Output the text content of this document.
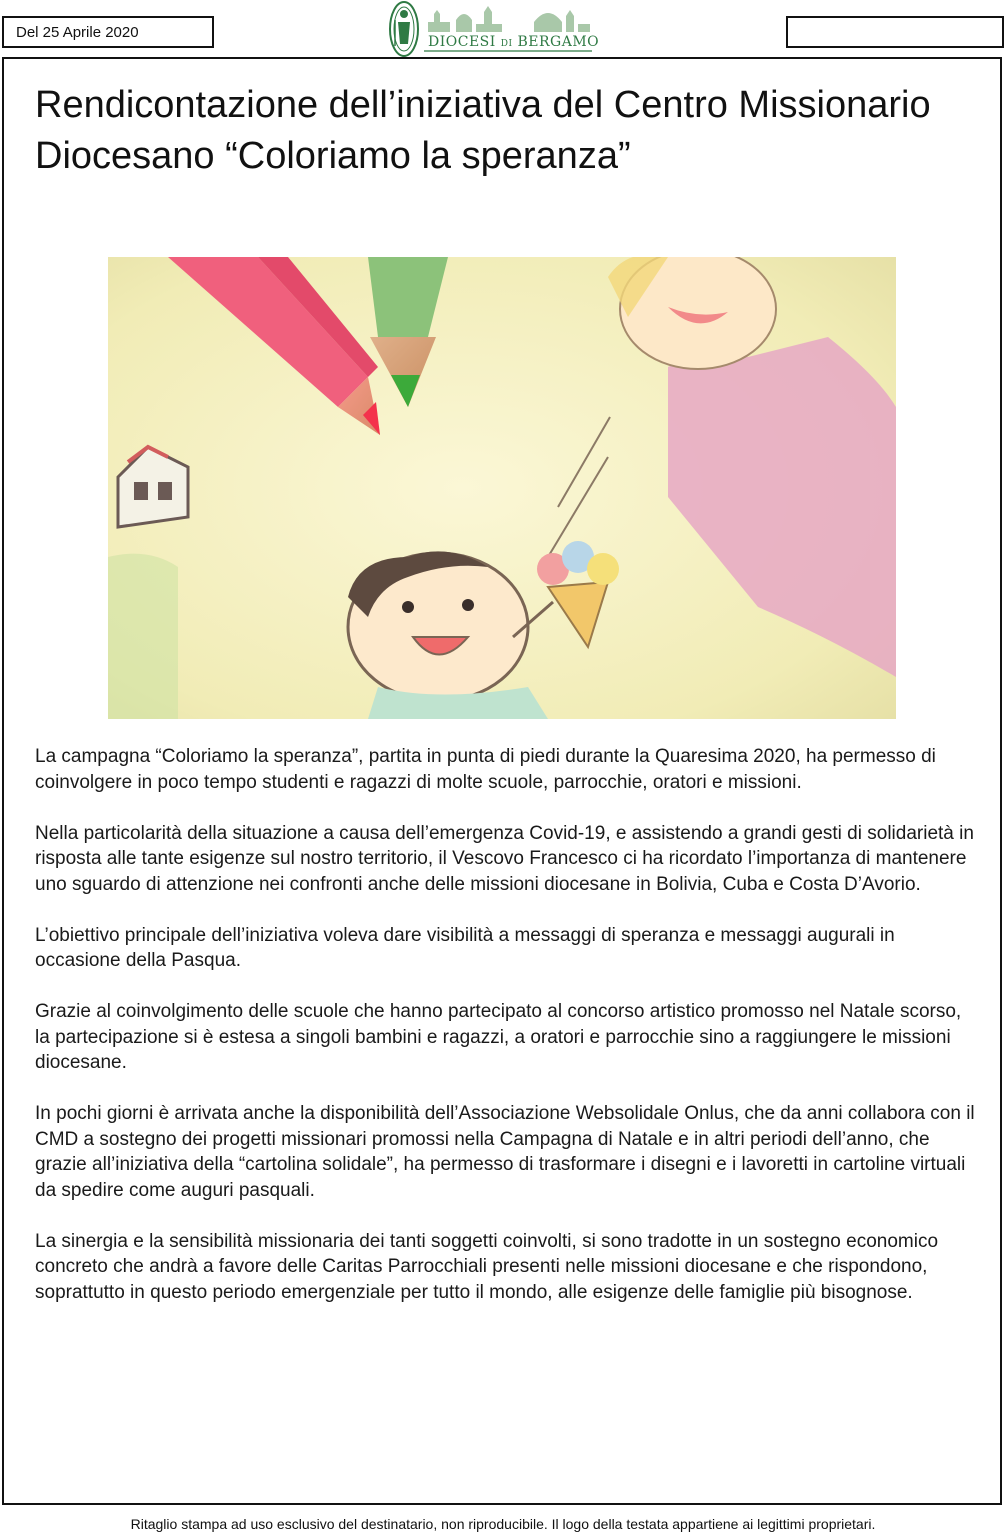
Del 25 Aprile 2020
DIOCESI DI BERGAMO
Rendicontazione dell’iniziativa del Centro Missionario Diocesano “Coloriamo la speranza”

La campagna “Coloriamo la speranza”, partita in punta di piedi durante la Quaresima 2020, ha permesso di coinvolgere in poco tempo studenti e ragazzi di molte scuole, parrocchie, oratori e missioni.

Nella particolarità della situazione a causa dell’emergenza Covid-19, e assistendo a grandi gesti di solidarietà in risposta alle tante esigenze sul nostro territorio, il Vescovo Francesco ci ha ricordato l’importanza di mantenere uno sguardo di attenzione nei confronti anche delle missioni diocesane in Bolivia, Cuba e Costa D’Avorio.

L’obiettivo principale dell’iniziativa voleva dare visibilità a messaggi di speranza e messaggi augurali in occasione della Pasqua.

Grazie al coinvolgimento delle scuole che hanno partecipato al concorso artistico promosso nel Natale scorso, la partecipazione si è estesa a singoli bambini e ragazzi, a oratori e parrocchie sino a raggiungere le missioni diocesane.

In pochi giorni è arrivata anche la disponibilità dell’Associazione Websolidale Onlus, che da anni collabora con il CMD a sostegno dei progetti missionari promossi nella Campagna di Natale e in altri periodi dell’anno, che grazie all’iniziativa della “cartolina solidale”, ha permesso di trasformare i disegni e i lavoretti in cartoline virtuali da spedire come auguri pasquali.

La sinergia e la sensibilità missionaria dei tanti soggetti coinvolti, si sono tradotte in un sostegno economico concreto che andrà a favore delle Caritas Parrocchiali presenti nelle missioni diocesane e che rispondono, soprattutto in questo periodo emergenziale per tutto il mondo, alle esigenze delle famiglie più bisognose.

Ritaglio stampa ad uso esclusivo del destinatario, non riproducibile. Il logo della testata appartiene ai legittimi proprietari.
